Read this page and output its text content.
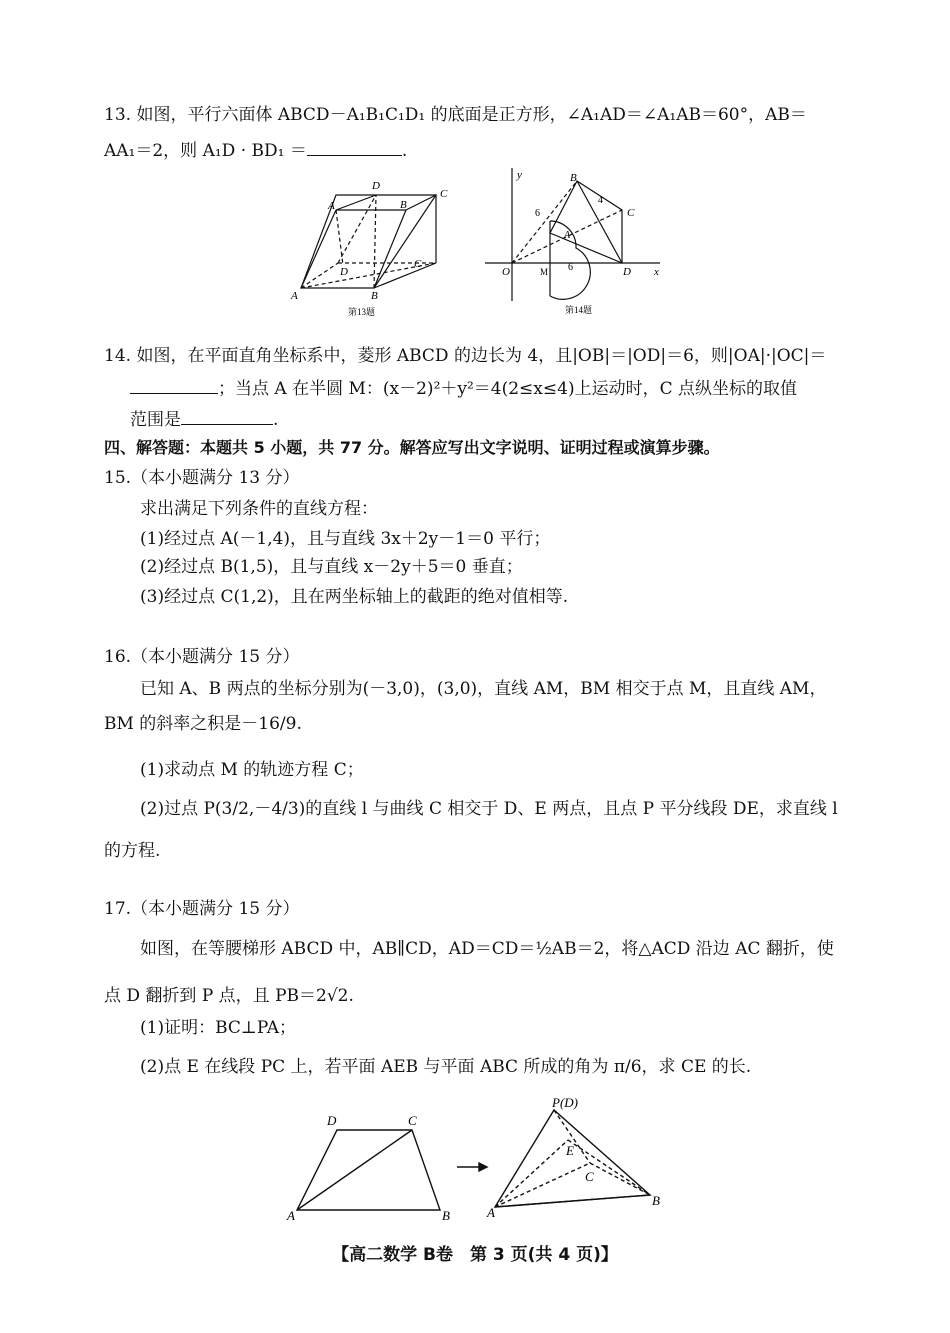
13. 如图，平行六面体 ABCD－A₁B₁C₁D₁ 的底面是正方形，∠A₁AD＝∠A₁AB＝60°，AB＝
AA₁＝2，则 A₁D · BD₁ ＝	.
A
D
B
C
D
A	B
C
第13题
y
x
O	M
B
C
D
A
6
6
4
第14题
14. 如图，在平面直角坐标系中，菱形 ABCD 的边长为 4，且|OB|＝|OD|＝6，则|OA|·|OC|＝
；当点 A 在半圆 M：(x－2)²＋y²＝4(2≤x≤4)上运动时，C 点纵坐标的取值
范围是	.
四、解答题：本题共 5 小题，共 77 分。解答应写出文字说明、证明过程或演算步骤。
15.（本小题满分 13 分）
求出满足下列条件的直线方程：
(1)经过点 A(－1,4)，且与直线 3x＋2y－1＝0 平行；
(2)经过点 B(1,5)，且与直线 x－2y＋5＝0 垂直；
(3)经过点 C(1,2)，且在两坐标轴上的截距的绝对值相等.
16.（本小题满分 15 分）
已知 A、B 两点的坐标分别为(－3,0)，(3,0)，直线 AM，BM 相交于点 M，且直线 AM，
BM 的斜率之积是－16/9.
(1)求动点 M 的轨迹方程 C；
(2)过点 P(3/2,－4/3)的直线 l 与曲线 C 相交于 D、E 两点，且点 P 平分线段 DE，求直线 l
的方程.
17.（本小题满分 15 分）
如图，在等腰梯形 ABCD 中，AB∥CD，AD＝CD＝½AB＝2，将△ACD 沿边 AC 翻折，使
点 D 翻折到 P 点，且 PB＝2√2.
(1)证明：BC⊥PA；
(2)点 E 在线段 PC 上，若平面 AEB 与平面 ABC 所成的角为 π/6，求 CE 的长.
A	B
C
D
A
B
C
E
P(D)
【高二数学 B卷　第 3 页(共 4 页)】
